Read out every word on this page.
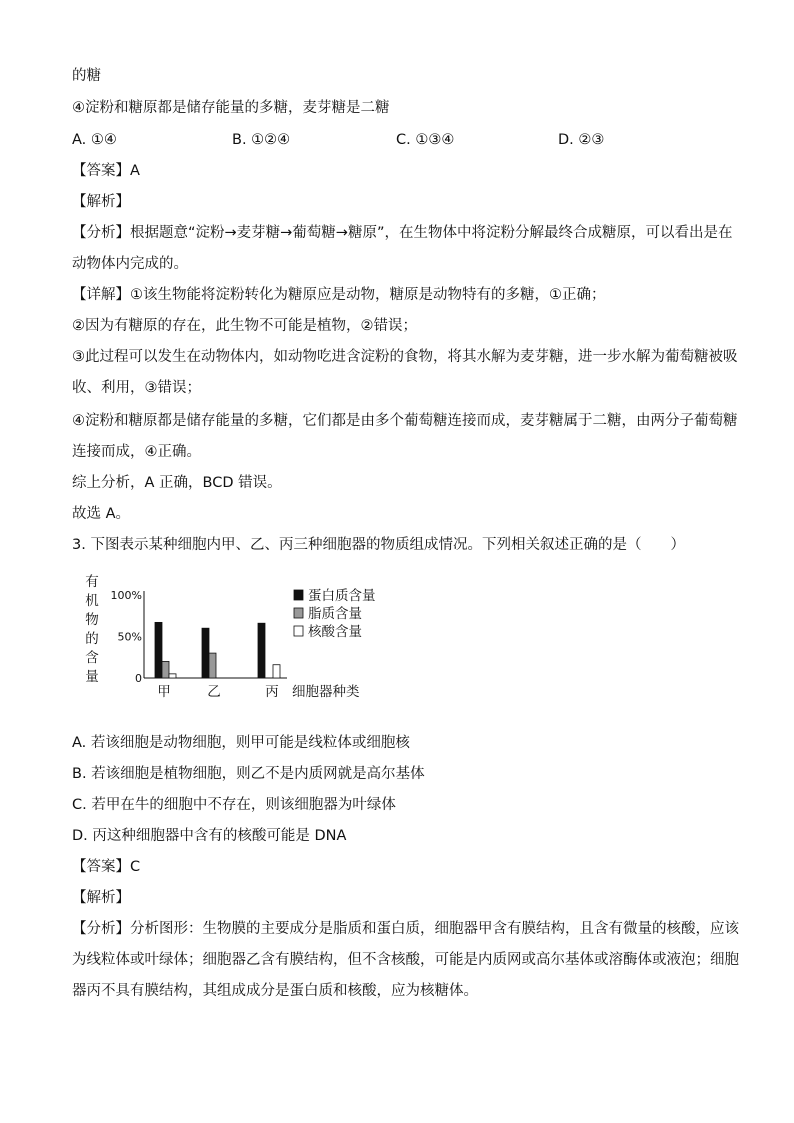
的糖
④淀粉和糖原都是储存能量的多糖，麦芽糖是二糖
A. ①④	B. ①②④	C. ①③④	D. ②③
【答案】A
【解析】
【分析】根据题意“淀粉→麦芽糖→葡萄糖→糖原”，在生物体中将淀粉分解最终合成糖原，可以看出是在
动物体内完成的。
【详解】①该生物能将淀粉转化为糖原应是动物，糖原是动物特有的多糖，①正确；
②因为有糖原的存在，此生物不可能是植物，②错误；
③此过程可以发生在动物体内，如动物吃进含淀粉的食物，将其水解为麦芽糖，进一步水解为葡萄糖被吸
收、利用，③错误；
④淀粉和糖原都是储存能量的多糖，它们都是由多个葡萄糖连接而成，麦芽糖属于二糖，由两分子葡萄糖
连接而成，④正确。
综上分析，A 正确，BCD 错误。
故选 A。
3. 下图表示某种细胞内甲、乙、丙三种细胞器的物质组成情况。下列相关叙述正确的是（　　）
有
机
物
的
含
量
100%
50%
0
甲	乙	丙 细胞器种类
蛋白质含量
脂质含量
核酸含量
A. 若该细胞是动物细胞，则甲可能是线粒体或细胞核
B. 若该细胞是植物细胞，则乙不是内质网就是高尔基体
C. 若甲在牛的细胞中不存在，则该细胞器为叶绿体
D. 丙这种细胞器中含有的核酸可能是 DNA
【答案】C
【解析】
【分析】分析图形：生物膜的主要成分是脂质和蛋白质，细胞器甲含有膜结构，且含有微量的核酸，应该
为线粒体或叶绿体；细胞器乙含有膜结构，但不含核酸，可能是内质网或高尔基体或溶酶体或液泡；细胞
器丙不具有膜结构，其组成成分是蛋白质和核酸，应为核糖体。
